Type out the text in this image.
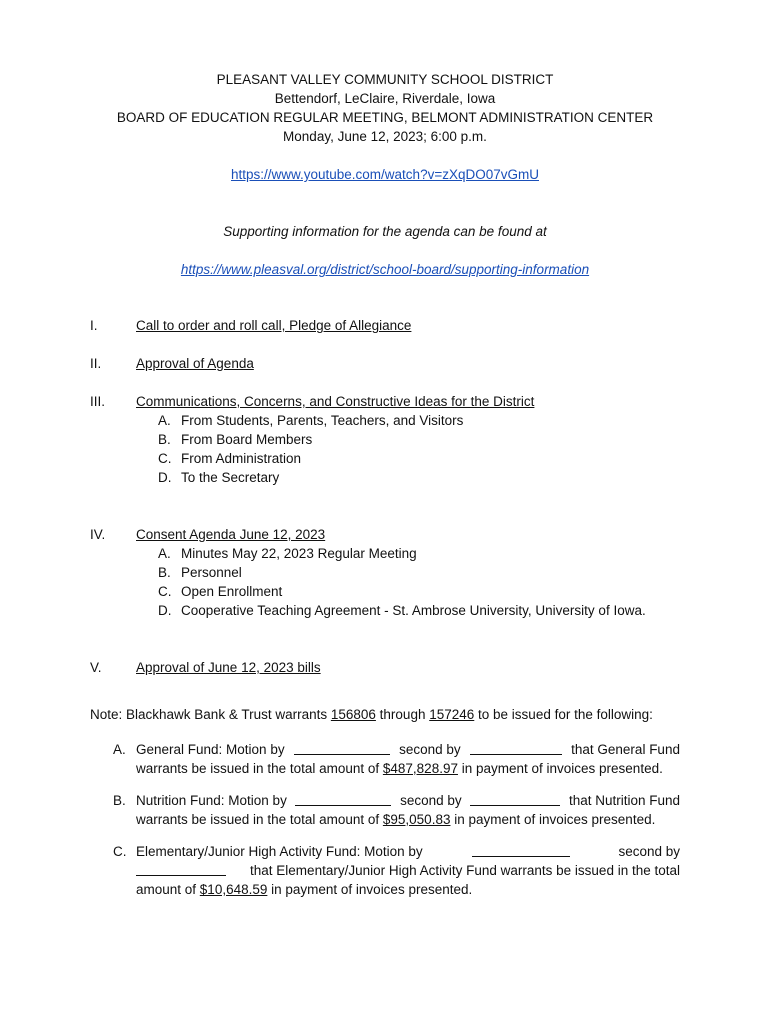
PLEASANT VALLEY COMMUNITY SCHOOL DISTRICT
Bettendorf, LeClaire, Riverdale, Iowa
BOARD OF EDUCATION REGULAR MEETING, BELMONT ADMINISTRATION CENTER
Monday, June 12, 2023; 6:00 p.m.
https://www.youtube.com/watch?v=zXqDO07vGmU
Supporting information for the agenda can be found at
https://www.pleasval.org/district/school-board/supporting-information
I.	Call to order and roll call, Pledge of Allegiance
II.	Approval of Agenda
III. Communications, Concerns, and Constructive Ideas for the District
A. From Students, Parents, Teachers, and Visitors
B. From Board Members
C. From Administration
D. To the Secretary
IV. Consent Agenda June 12, 2023
A. Minutes May 22, 2023 Regular Meeting
B. Personnel
C. Open Enrollment
D. Cooperative Teaching Agreement - St. Ambrose University, University of Iowa.
V.	Approval of June 12, 2023 bills
Note: Blackhawk Bank & Trust warrants 156806 through 157246 to be issued for the following:
A. General Fund: Motion by	second by	that General Fund
warrants be issued in the total amount of $487,828.97 in payment of invoices presented.
B. Nutrition Fund: Motion by	second by	that Nutrition Fund
warrants be issued in the total amount of $95,050.83 in payment of invoices presented.
C. Elementary/Junior High Activity Fund: Motion by	second by
that Elementary/Junior High Activity Fund warrants be issued in the total
amount of $10,648.59 in payment of invoices presented.
